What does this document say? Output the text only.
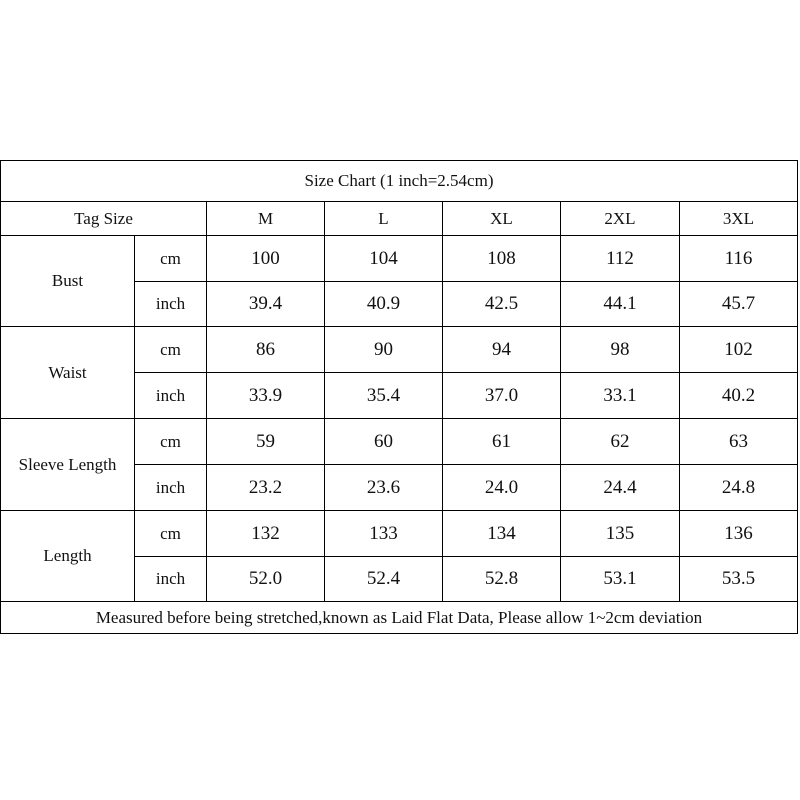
Size Chart (1 inch=2.54cm)
Tag Size	M	L	XL	2XL	3XL
Bust
cm	100	104	108	112	116
inch	39.4	40.9	42.5	44.1	45.7
Waist
cm	86	90	94	98	102
inch	33.9	35.4	37.0	33.1	40.2
Sleeve Length
cm	59	60	61	62	63
inch	23.2	23.6	24.0	24.4	24.8
Length
cm	132	133	134	135	136
inch	52.0	52.4	52.8	53.1	53.5
Measured before being stretched,known as Laid Flat Data, Please allow 1~2cm deviation
